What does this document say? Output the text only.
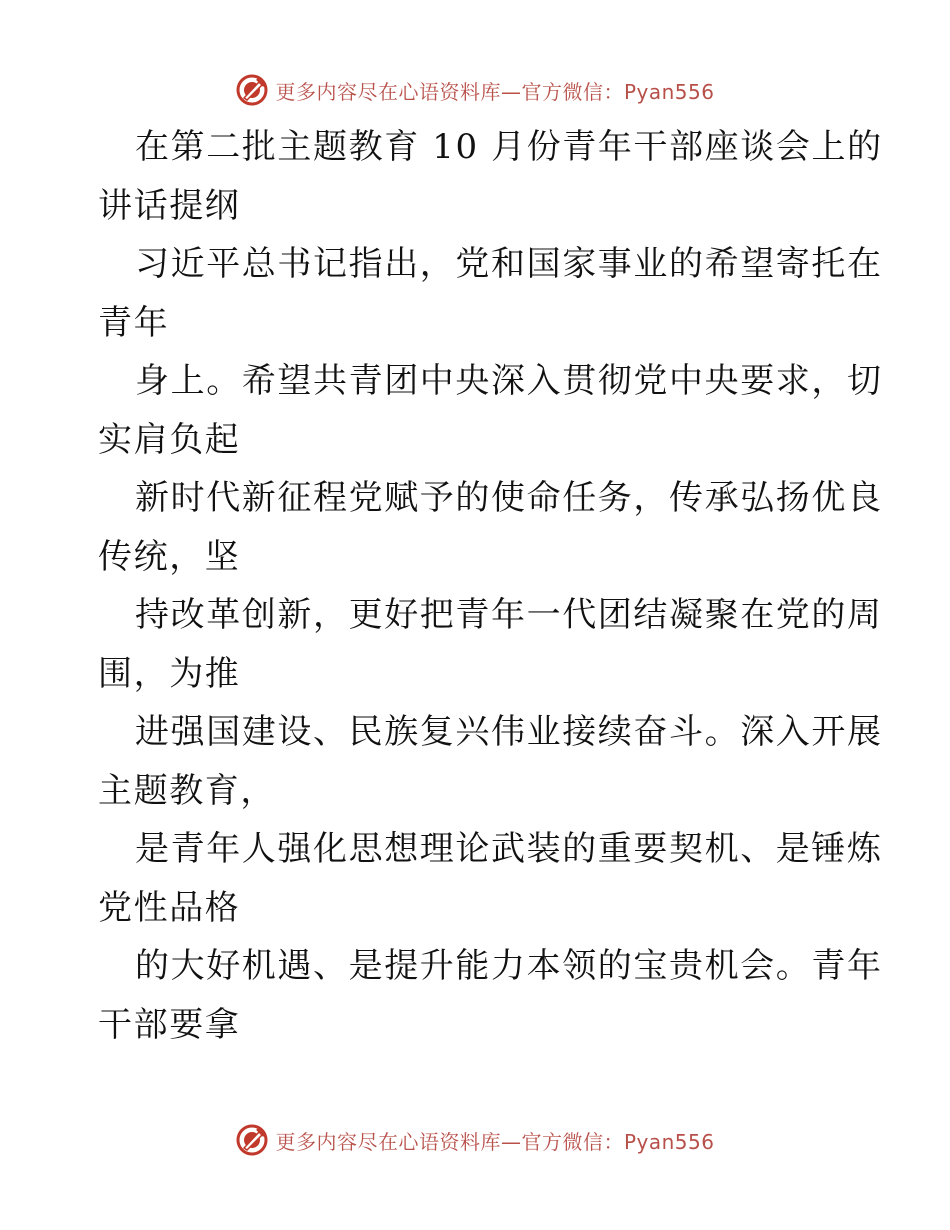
更多内容尽在心语资料库—官方微信：Pyan556
在第二批主题教育 10 月份青年干部座谈会上的
讲话提纲
习近平总书记指出，党和国家事业的希望寄托在
青年
身上。希望共青团中央深入贯彻党中央要求，切
实肩负起
新时代新征程党赋予的使命任务，传承弘扬优良
传统，坚
持改革创新，更好把青年一代团结凝聚在党的周
围，为推
进强国建设、民族复兴伟业接续奋斗。深入开展
主题教育，
是青年人强化思想理论武装的重要契机、是锤炼
党性品格
的大好机遇、是提升能力本领的宝贵机会。青年
干部要拿
更多内容尽在心语资料库—官方微信：Pyan556
